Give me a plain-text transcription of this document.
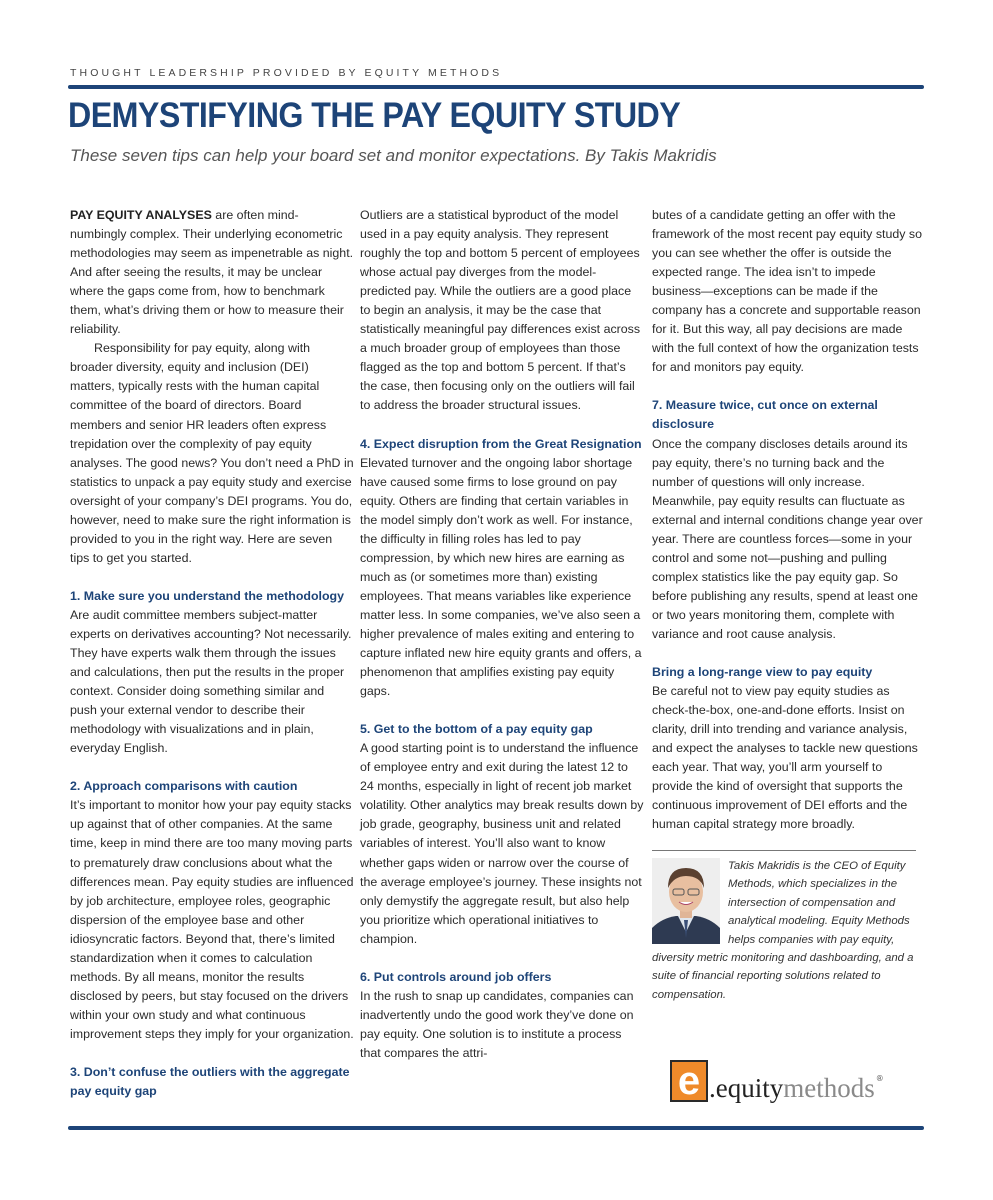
THOUGHT LEADERSHIP PROVIDED BY EQUITY METHODS
DEMYSTIFYING THE PAY EQUITY STUDY
These seven tips can help your board set and monitor expectations. By Takis Makridis

PAY EQUITY ANALYSES are often mind-numbingly complex. Their underlying econometric methodologies may seem as impenetrable as night. And after seeing the results, it may be unclear where the gaps come from, how to benchmark them, what’s driving them or how to measure their reliability.

Responsibility for pay equity, along with broader diversity, equity and inclusion (DEI) matters, typically rests with the human capital committee of the board of directors. Board members and senior HR leaders often express trepidation over the complexity of pay equity analyses. The good news? You don’t need a PhD in statistics to unpack a pay equity study and exercise oversight of your company’s DEI programs. You do, however, need to make sure the right information is provided to you in the right way. Here are seven tips to get you started.

1. Make sure you understand the methodology

Are audit committee members subject-matter experts on derivatives accounting? Not necessarily. They have experts walk them through the issues and calculations, then put the results in the proper context. Consider doing something similar and push your external vendor to describe their methodology with visualizations and in plain, everyday English.

2. Approach comparisons with caution

It’s important to monitor how your pay equity stacks up against that of other companies. At the same time, keep in mind there are too many moving parts to prematurely draw conclusions about what the differences mean. Pay equity studies are influenced by job architecture, employee roles, geographic dispersion of the employee base and other idiosyncratic factors. Beyond that, there’s limited standardization when it comes to calculation methods. By all means, monitor the results disclosed by peers, but stay focused on the drivers within your own study and what continuous improvement steps they imply for your organization.

3. Don’t confuse the outliers with the aggregate pay equity gap

Outliers are a statistical byproduct of the model used in a pay equity analysis. They represent roughly the top and bottom 5 percent of employees whose actual pay diverges from the model-predicted pay. While the outliers are a good place to begin an analysis, it may be the case that statistically meaningful pay differences exist across a much broader group of employees than those flagged as the top and bottom 5 percent. If that’s the case, then focusing only on the outliers will fail to address the broader structural issues.

4. Expect disruption from the Great Resignation

Elevated turnover and the ongoing labor shortage have caused some firms to lose ground on pay equity. Others are finding that certain variables in the model simply don’t work as well. For instance, the difficulty in filling roles has led to pay compression, by which new hires are earning as much as (or sometimes more than) existing employees. That means variables like experience matter less. In some companies, we’ve also seen a higher prevalence of males exiting and entering to capture inflated new hire equity grants and offers, a phenomenon that amplifies existing pay equity gaps.

5. Get to the bottom of a pay equity gap

A good starting point is to understand the influence of employee entry and exit during the latest 12 to 24 months, especially in light of recent job market volatility. Other analytics may break results down by job grade, geography, business unit and related variables of interest. You’ll also want to know whether gaps widen or narrow over the course of the average employee’s journey. These insights not only demystify the aggregate result, but also help you prioritize which operational initiatives to champion.

6. Put controls around job offers

In the rush to snap up candidates, companies can inadvertently undo the good work they’ve done on pay equity. One solution is to institute a process that compares the attri-

butes of a candidate getting an offer with the framework of the most recent pay equity study so you can see whether the offer is outside the expected range. The idea isn’t to impede business—exceptions can be made if the company has a concrete and supportable reason for it. But this way, all pay decisions are made with the full context of how the organization tests for and monitors pay equity.

7. Measure twice, cut once on external disclosure

Once the company discloses details around its pay equity, there’s no turning back and the number of questions will only increase. Meanwhile, pay equity results can fluctuate as external and internal conditions change year over year. There are countless forces—some in your control and some not—pushing and pulling complex statistics like the pay equity gap. So before publishing any results, spend at least one or two years monitoring them, complete with variance and root cause analysis.

Bring a long-range view to pay equity

Be careful not to view pay equity studies as check-the-box, one-and-done efforts. Insist on clarity, drill into trending and variance analysis, and expect the analyses to tackle new questions each year. That way, you’ll arm yourself to provide the kind of oversight that supports the continuous improvement of DEI efforts and the human capital strategy more broadly.

Takis Makridis is the CEO of Equity Methods, which specializes in the intersection of compensation and analytical modeling. Equity Methods helps companies with pay equity, diversity metric monitoring and dashboarding, and a suite of financial reporting solutions related to compensation.
e .equity methods ®
